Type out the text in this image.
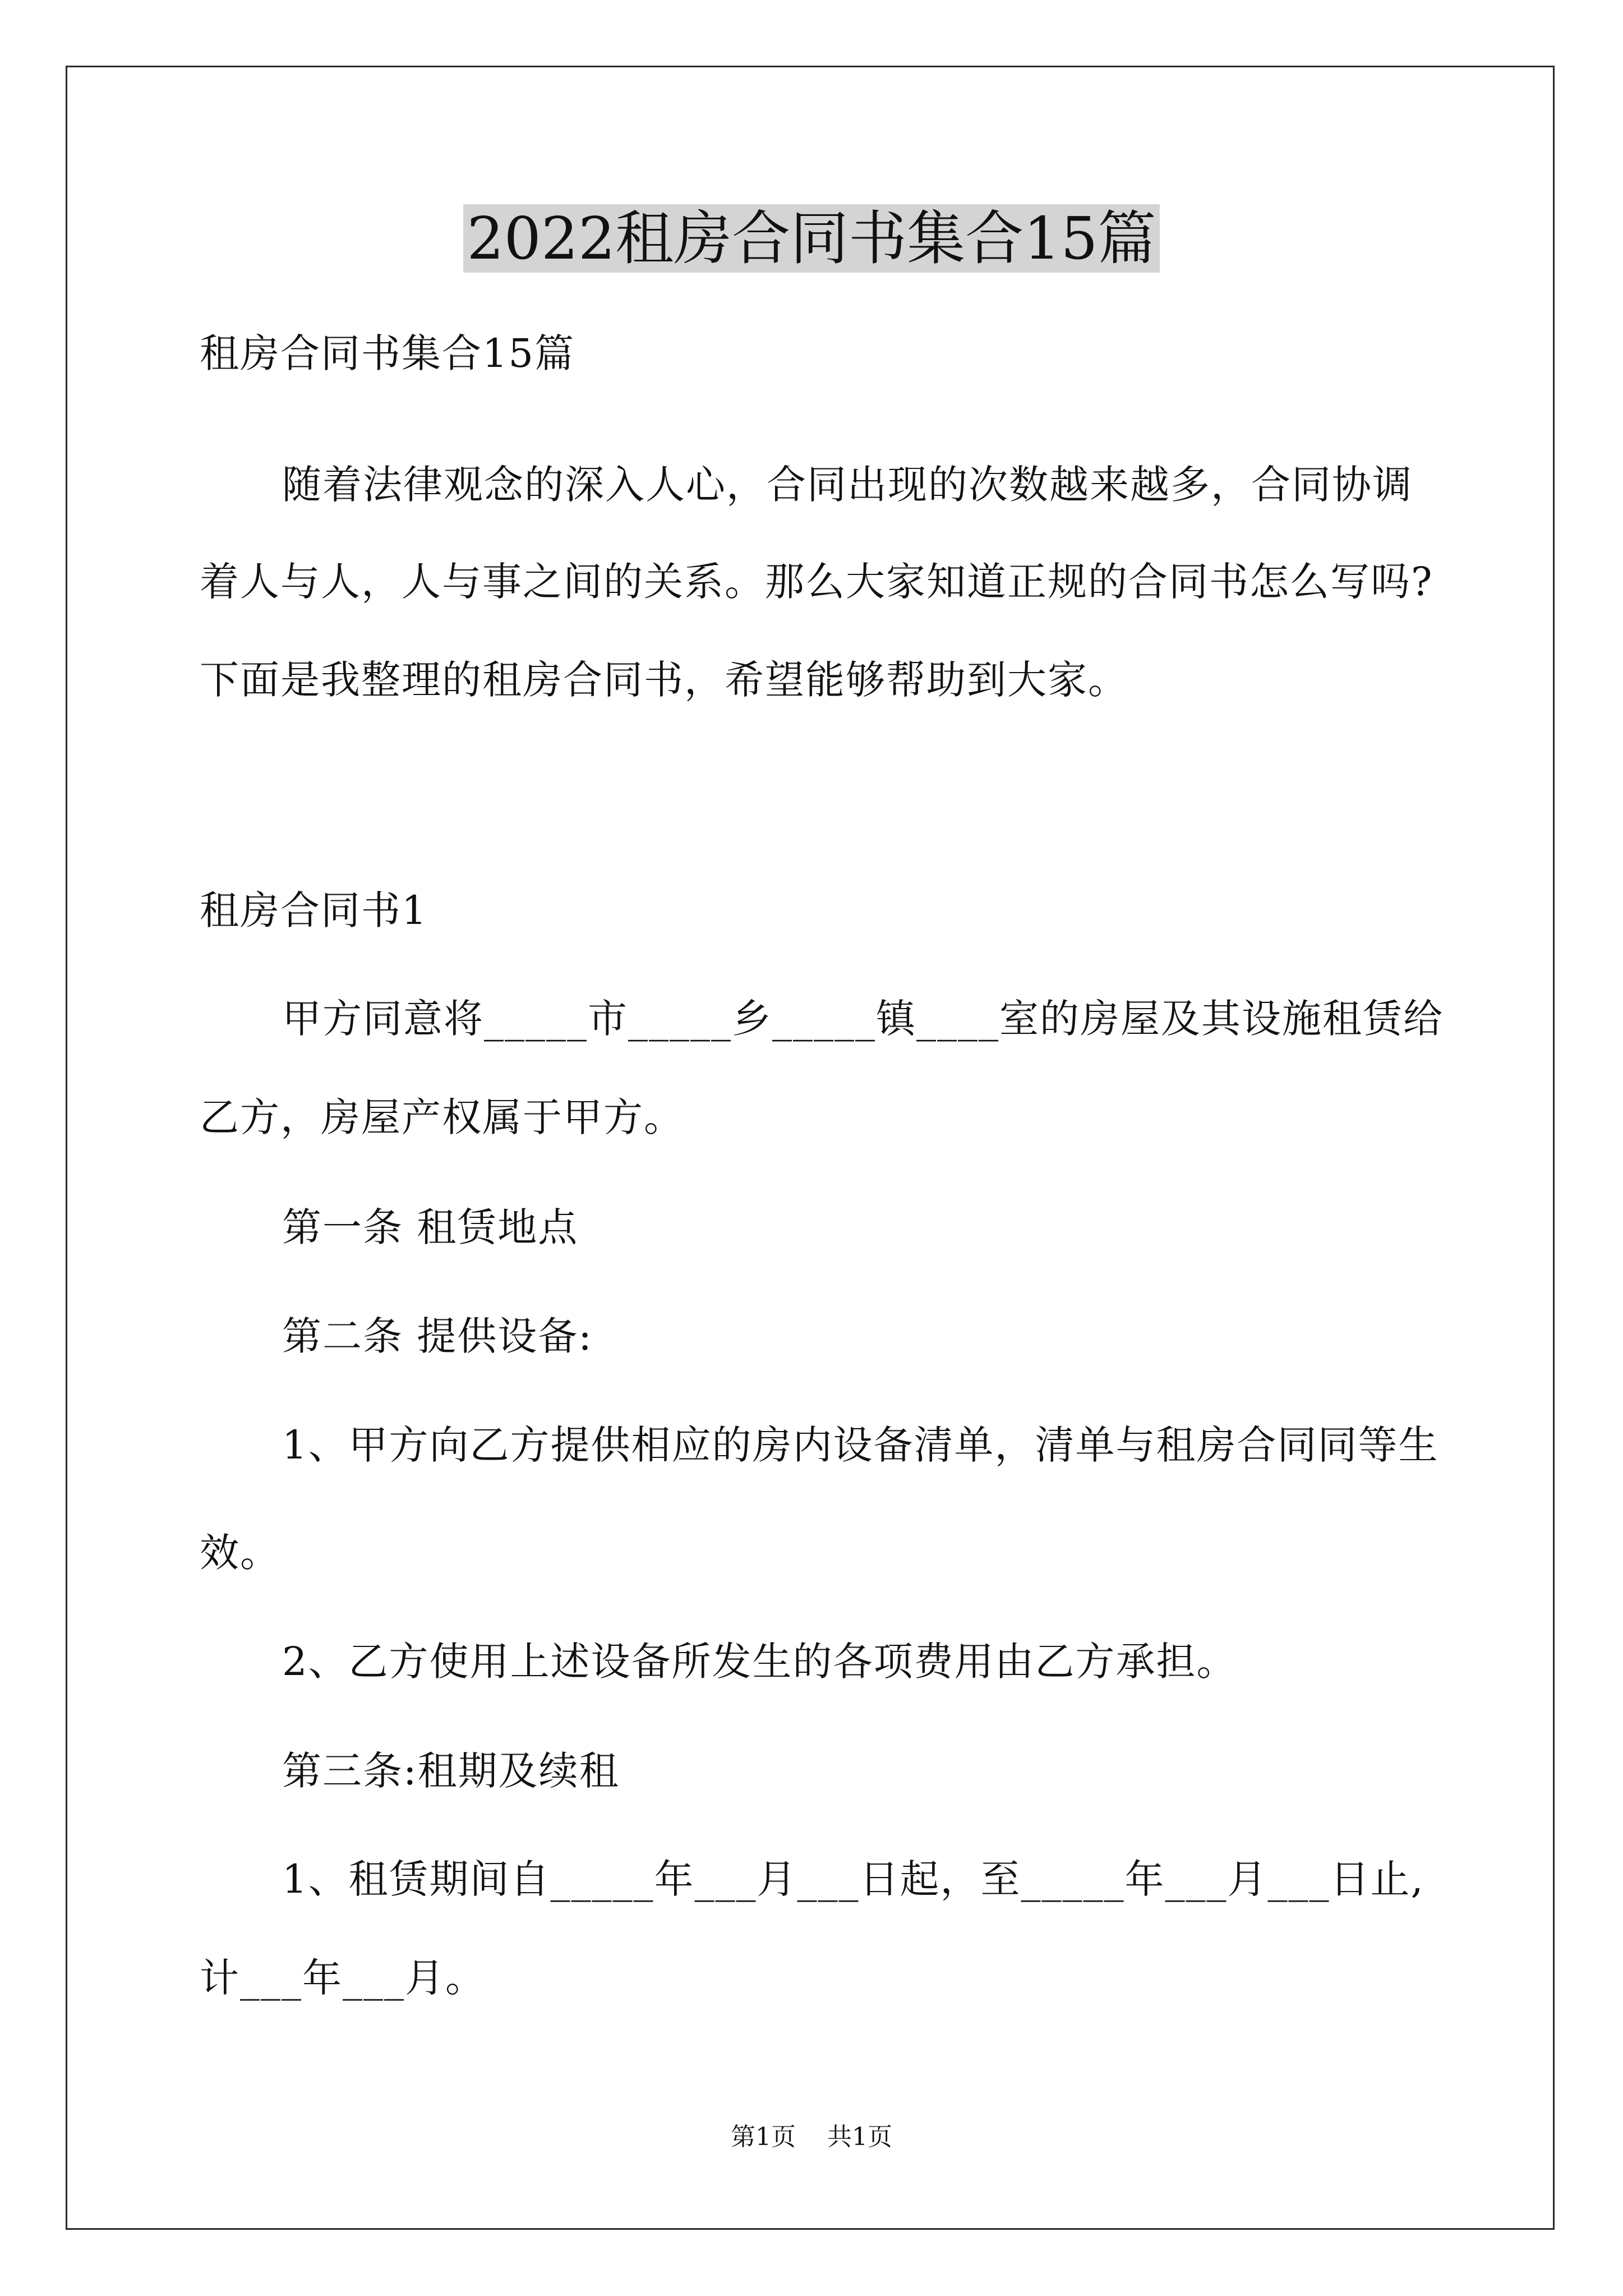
2022租房合同书集合15篇

租房合同书集合15篇

随着法律观念的深入人心，合同出现的次数越来越多，合同协调

着人与人，人与事之间的关系。那么大家知道正规的合同书怎么写吗?

下面是我整理的租房合同书，希望能够帮助到大家。

租房合同书1

甲方同意将_____市_____乡_____镇____室的房屋及其设施租赁给

乙方，房屋产权属于甲方。

第一条 租赁地点

第二条 提供设备:

1、甲方向乙方提供相应的房内设备清单，清单与租房合同同等生

效。

2、乙方使用上述设备所发生的各项费用由乙方承担。

第三条:租期及续租

1、租赁期间自_____年___月___日起，至_____年___月___日止,

计___年___月。

第1页 共1页
